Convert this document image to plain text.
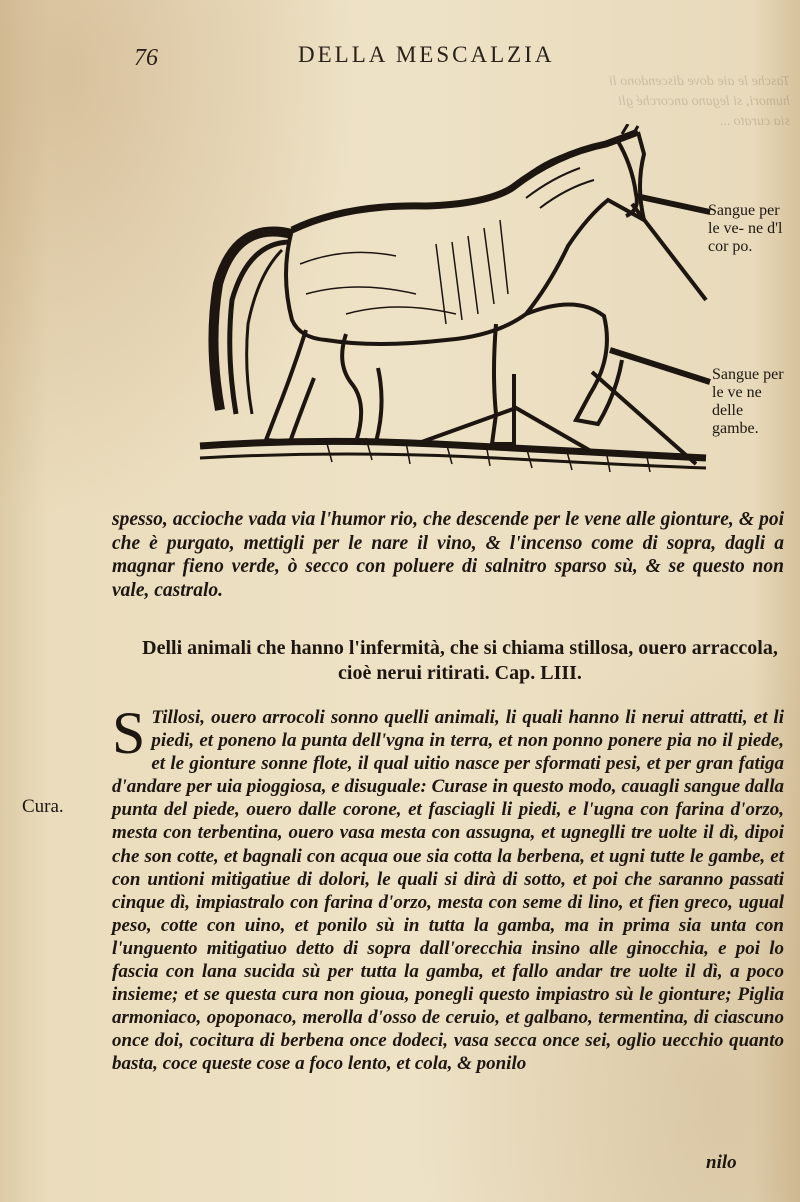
76	DELLA MESCALZIA
Tasche le aie dove discendono li humori, si legano ancorché gli sia curato ...

Sangue per le ve- ne d'l cor po.

Sangue per le ve ne delle gambe.

spesso, accioche vada via l'humor rio, che descende per le vene alle gionture, & poi che è purgato, mettigli per le nare il vino, & l'incenso come di sopra, dagli a magnar fieno verde, ò secco con poluere di salnitro sparso sù, & se questo non vale, castralo.

Delli animali che hanno l'infermità, che si chiama stillosa, ouero arraccola, cioè nerui ritirati. Cap. LIII.
Cura.

S Tillosi, ouero arrocoli sonno quelli animali, li quali hanno li nerui attratti, et li piedi, et poneno la punta dell'vgna in terra, et non ponno ponere pia no il piede, et le gionture sonne flote, il qual uitio nasce per sformati pesi, et per gran fatiga d'andare per uia pioggiosa, e disuguale: Curase in questo modo, cauagli sangue dalla punta del piede, ouero dalle corone, et fasciagli li piedi, e l'ugna con farina d'orzo, mesta con terbentina, ouero vasa mesta con assugna, et ugneglli tre uolte il dì, dipoi che son cotte, et bagnali con acqua oue sia cotta la berbena, et ugni tutte le gambe, et con untioni mitigatiue di dolori, le quali si dirà di sotto, et poi che saranno passati cinque dì, impiastralo con farina d'orzo, mesta con seme di lino, et fien greco, ugual peso, cotte con uino, et ponilo sù in tutta la gamba, ma in prima sia unta con l'unguento mitigatiuo detto di sopra dall'orecchia insino alle ginocchia, e poi lo fascia con lana sucida sù per tutta la gamba, et fallo andar tre uolte il dì, a poco insieme; et se questa cura non gioua, ponegli questo impiastro sù le gionture; Piglia armoniaco, opoponaco, merolla d'osso de ceruio, et galbano, termentina, di ciascuno once doi, cocitura di berbena once dodeci, vasa secca once sei, oglio uecchio quanto basta, coce queste cose a foco lento, et cola, & ponilo

nilo
